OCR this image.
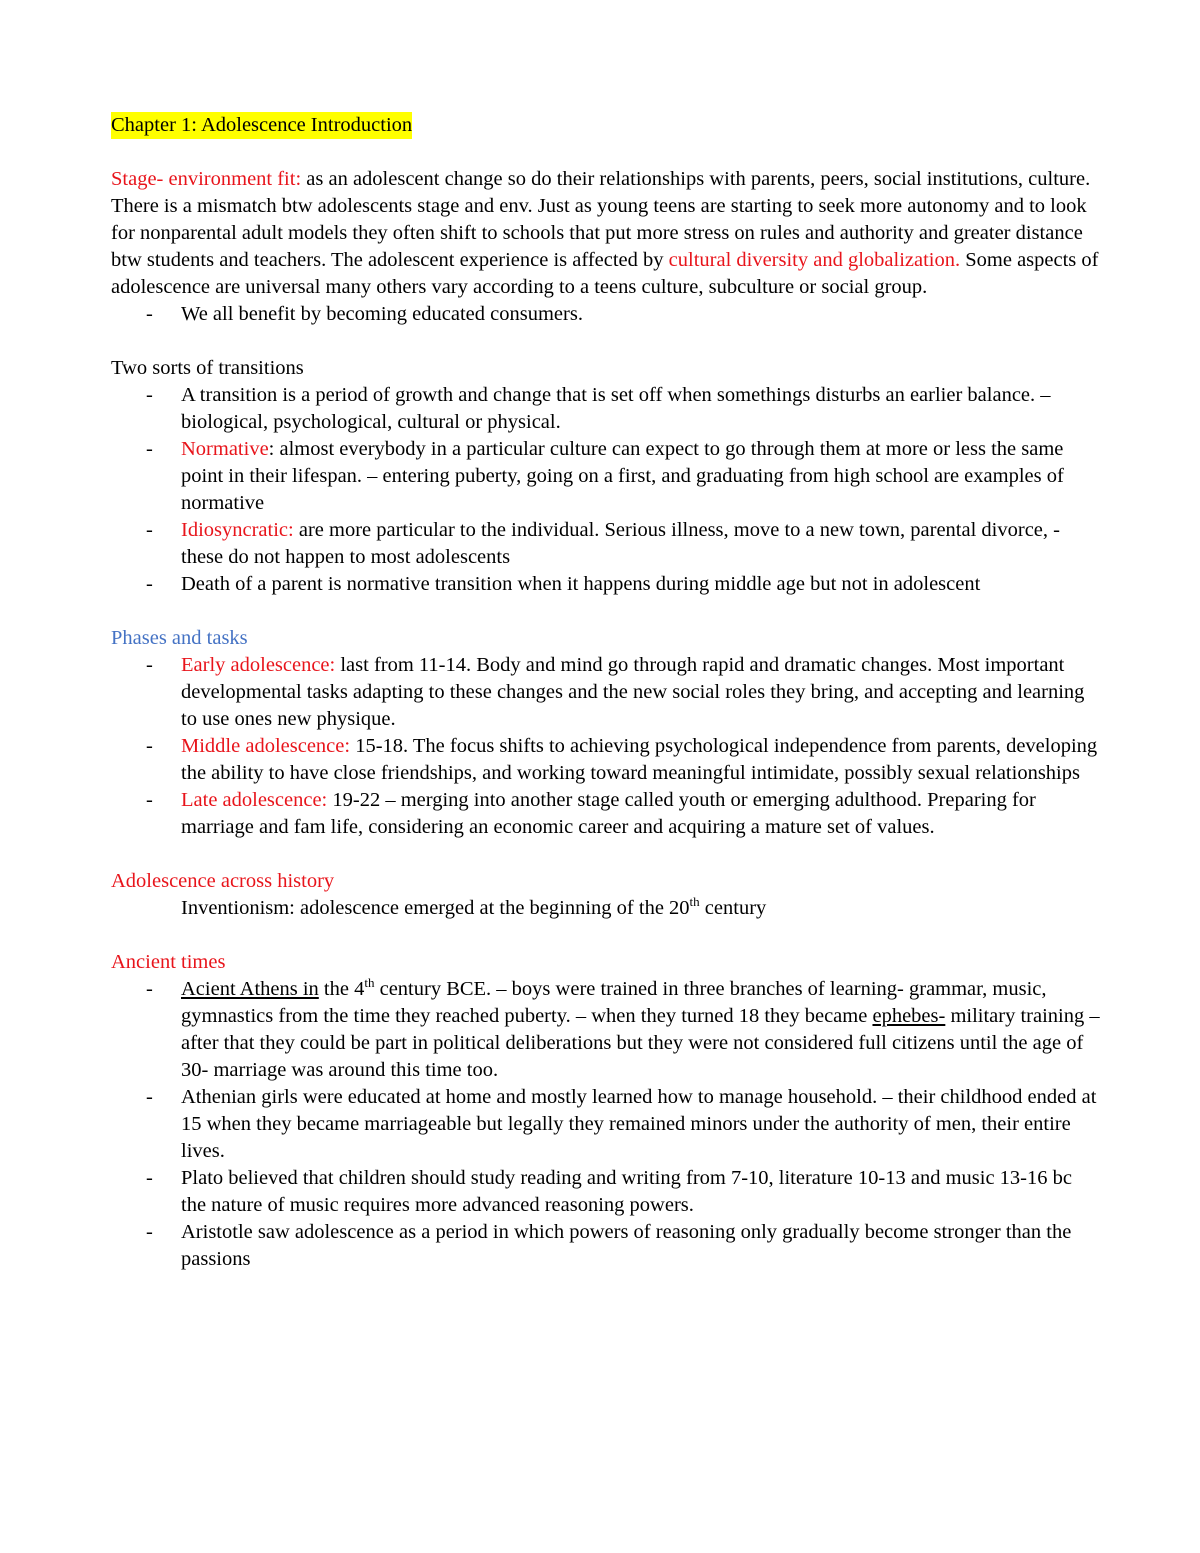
Chapter 1: Adolescence Introduction

Stage- environment fit: as an adolescent change so do their relationships with parents, peers, social institutions, culture. There is a mismatch btw adolescents stage and env. Just as young teens are starting to seek more autonomy and to look for nonparental adult models they often shift to schools that put more stress on rules and authority and greater distance btw students and teachers. The adolescent experience is affected by cultural diversity and globalization. Some aspects of adolescence are universal many others vary according to a teens culture, subculture or social group.

- We all benefit by becoming educated consumers.

Two sorts of transitions

- A transition is a period of growth and change that is set off when somethings disturbs an earlier balance. – biological, psychological, cultural or physical.
- Normative: almost everybody in a particular culture can expect to go through them at more or less the same point in their lifespan. – entering puberty, going on a first, and graduating from high school are examples of normative
- Idiosyncratic: are more particular to the individual. Serious illness, move to a new town, parental divorce, - these do not happen to most adolescents
- Death of a parent is normative transition when it happens during middle age but not in adolescent

Phases and tasks

- Early adolescence: last from 11-14. Body and mind go through rapid and dramatic changes. Most important developmental tasks adapting to these changes and the new social roles they bring, and accepting and learning to use ones new physique.
- Middle adolescence: 15-18. The focus shifts to achieving psychological independence from parents, developing the ability to have close friendships, and working toward meaningful intimidate, possibly sexual relationships
- Late adolescence: 19-22 – merging into another stage called youth or emerging adulthood. Preparing for marriage and fam life, considering an economic career and acquiring a mature set of values.

Adolescence across history

Inventionism: adolescence emerged at the beginning of the 20th century

Ancient times

- Acient Athens in the 4th century BCE. – boys were trained in three branches of learning- grammar, music, gymnastics from the time they reached puberty. – when they turned 18 they became ephebes- military training – after that they could be part in political deliberations but they were not considered full citizens until the age of 30- marriage was around this time too.
- Athenian girls were educated at home and mostly learned how to manage household. – their childhood ended at 15 when they became marriageable but legally they remained minors under the authority of men, their entire lives.
- Plato believed that children should study reading and writing from 7-10, literature 10-13 and music 13-16 bc the nature of music requires more advanced reasoning powers.
- Aristotle saw adolescence as a period in which powers of reasoning only gradually become stronger than the passions
